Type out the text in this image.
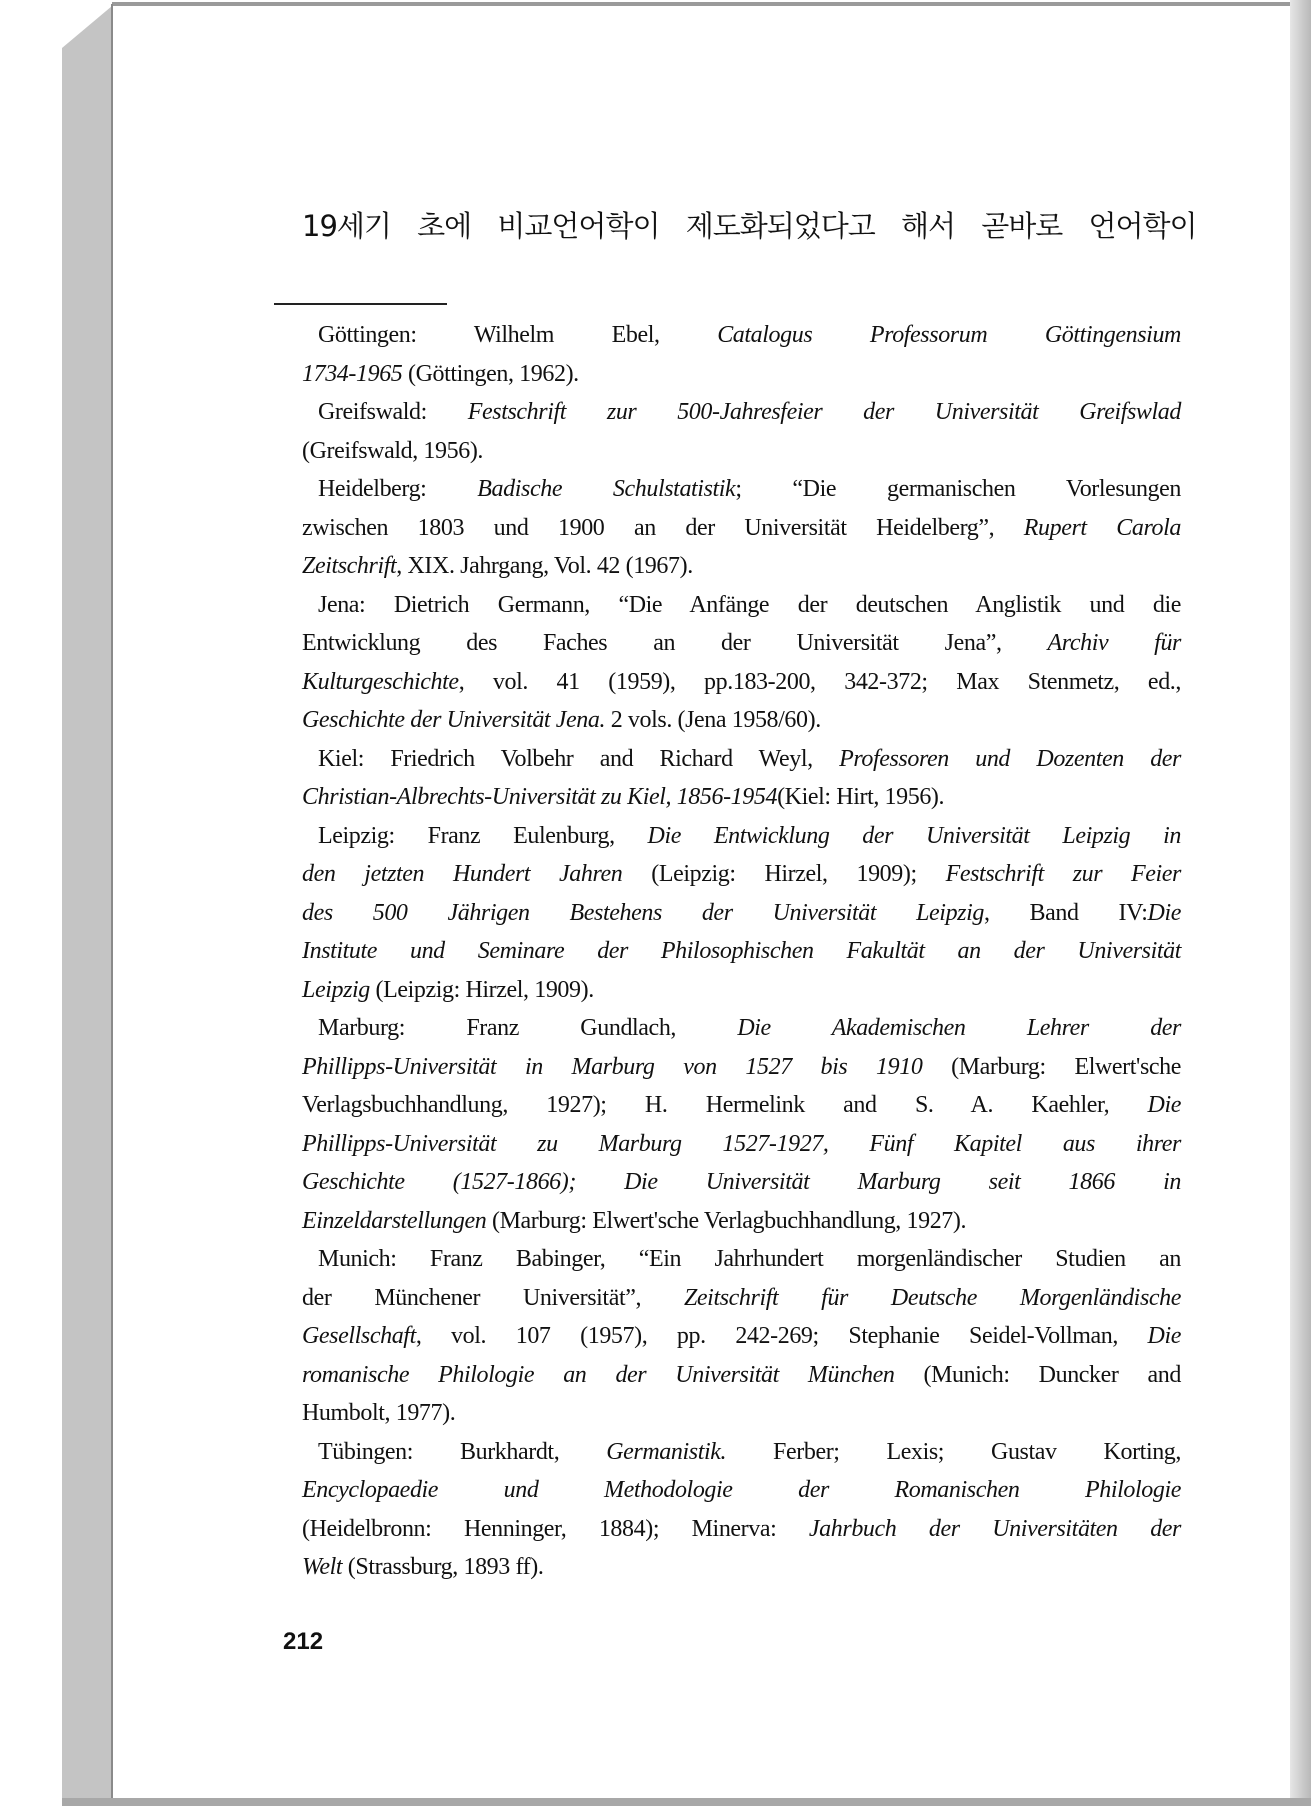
19세기 초에 비교언어학이 제도화되었다고 해서 곧바로 언어학이
Göttingen: Wilhelm Ebel, Catalogus Professorum Göttingensium
1734-1965 (Göttingen, 1962).
Greifswald: Festschrift zur 500-Jahresfeier der Universität Greifswlad
(Greifswald, 1956).
Heidelberg: Badische Schulstatistik; “Die germanischen Vorlesungen
zwischen 1803 und 1900 an der Universität Heidelberg”, Rupert Carola
Zeitschrift, XIX. Jahrgang, Vol. 42 (1967).
Jena: Dietrich Germann, “Die Anfänge der deutschen Anglistik und die
Entwicklung des Faches an der Universität Jena”, Archiv für
Kulturgeschichte, vol. 41 (1959), pp.183-200, 342-372; Max Stenmetz, ed.,
Geschichte der Universität Jena. 2 vols. (Jena 1958/60).
Kiel: Friedrich Volbehr and Richard Weyl, Professoren und Dozenten der
Christian-Albrechts-Universität zu Kiel, 1856-1954(Kiel: Hirt, 1956).
Leipzig: Franz Eulenburg, Die Entwicklung der Universität Leipzig in
den jetzten Hundert Jahren (Leipzig: Hirzel, 1909); Festschrift zur Feier
des 500 Jährigen Bestehens der Universität Leipzig, Band IV:Die
Institute und Seminare der Philosophischen Fakultät an der Universität
Leipzig (Leipzig: Hirzel, 1909).
Marburg: Franz Gundlach, Die Akademischen Lehrer der
Phillipps-Universität in Marburg von 1527 bis 1910 (Marburg: Elwert'sche
Verlagsbuchhandlung, 1927); H. Hermelink and S. A. Kaehler, Die
Phillipps-Universität zu Marburg 1527-1927, Fünf Kapitel aus ihrer
Geschichte (1527-1866); Die Universität Marburg seit 1866 in
Einzeldarstellungen (Marburg: Elwert'sche Verlagbuchhandlung, 1927).
Munich: Franz Babinger, “Ein Jahrhundert morgenländischer Studien an
der Münchener Universität”, Zeitschrift für Deutsche Morgenländische
Gesellschaft, vol. 107 (1957), pp. 242-269; Stephanie Seidel-Vollman, Die
romanische Philologie an der Universität München (Munich: Duncker and
Humbolt, 1977).
Tübingen: Burkhardt, Germanistik. Ferber; Lexis; Gustav Korting,
Encyclopaedie und Methodologie der Romanischen Philologie
(Heidelbronn: Henninger, 1884); Minerva: Jahrbuch der Universitäten der
Welt (Strassburg, 1893 ff).
212
